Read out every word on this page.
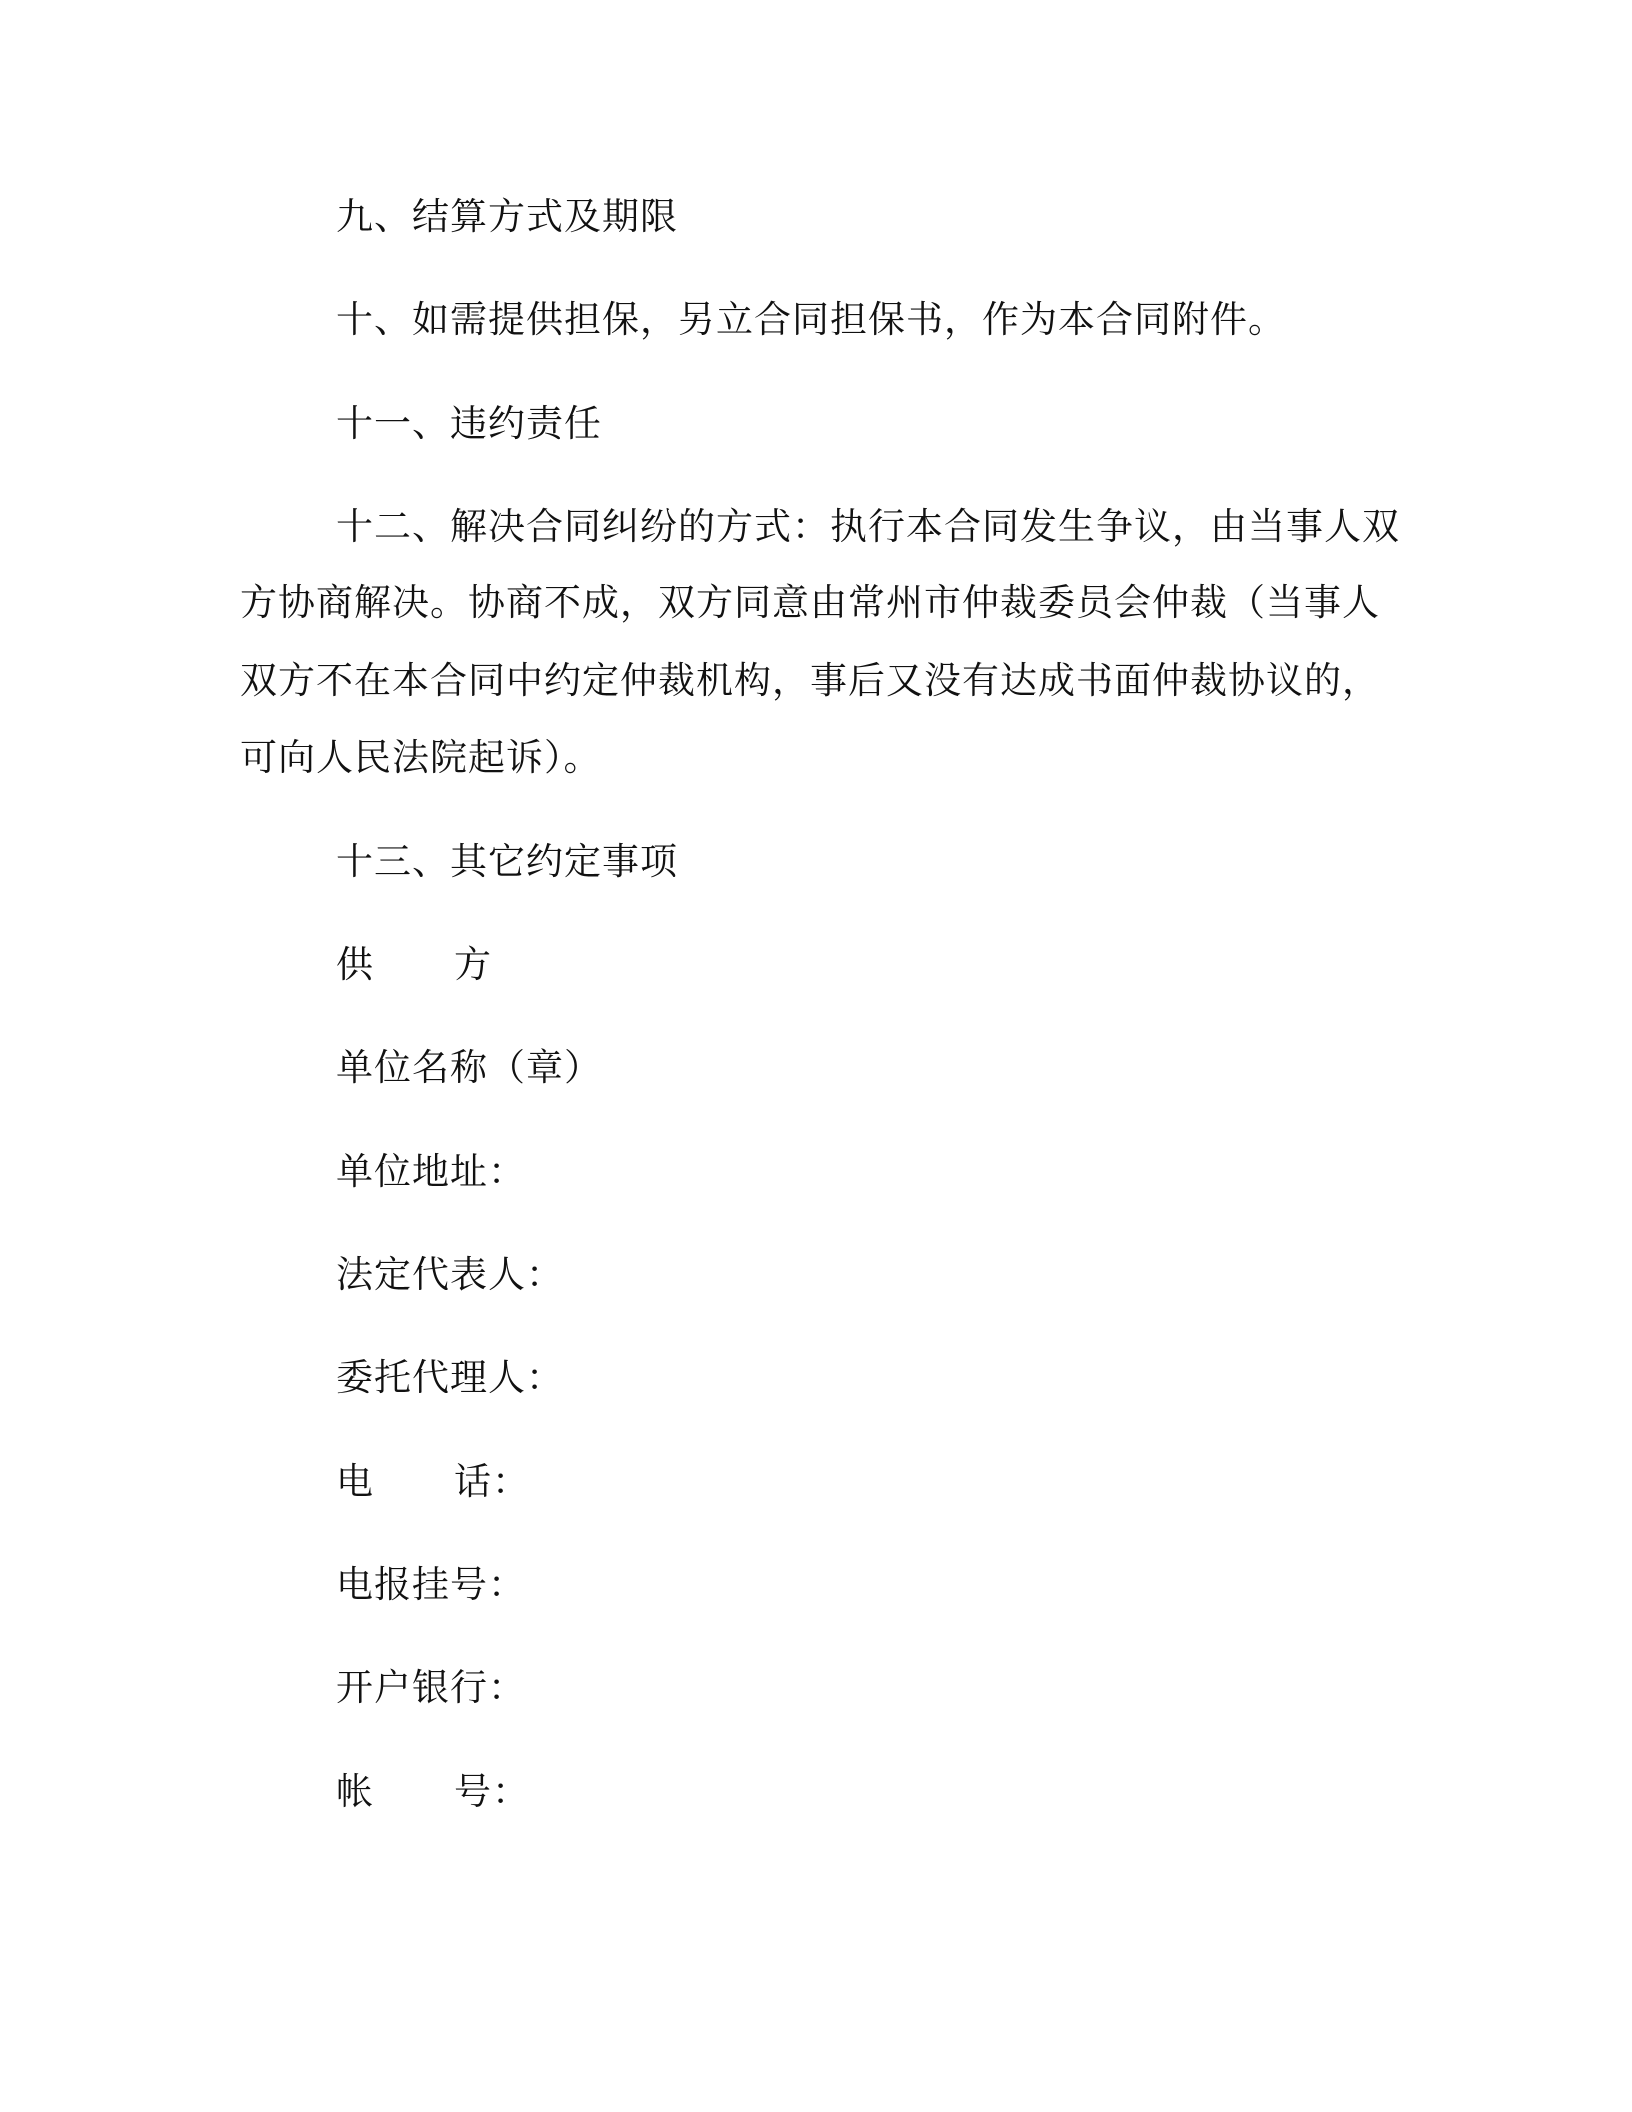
九、结算方式及期限

十、如需提供担保，另立合同担保书，作为本合同附件。

十一、违约责任

十二、解决合同纠纷的方式：执行本合同发生争议，由当事人双

方协商解决。协商不成，双方同意由常州市仲裁委员会仲裁（当事人

双方不在本合同中约定仲裁机构，事后又没有达成书面仲裁协议的，

可向人民法院起诉）。

十三、其它约定事项

供 方

单位名称（章）

单位地址：

法定代表人：

委托代理人：

电 话：

电报挂号：

开户银行：

帐 号：
